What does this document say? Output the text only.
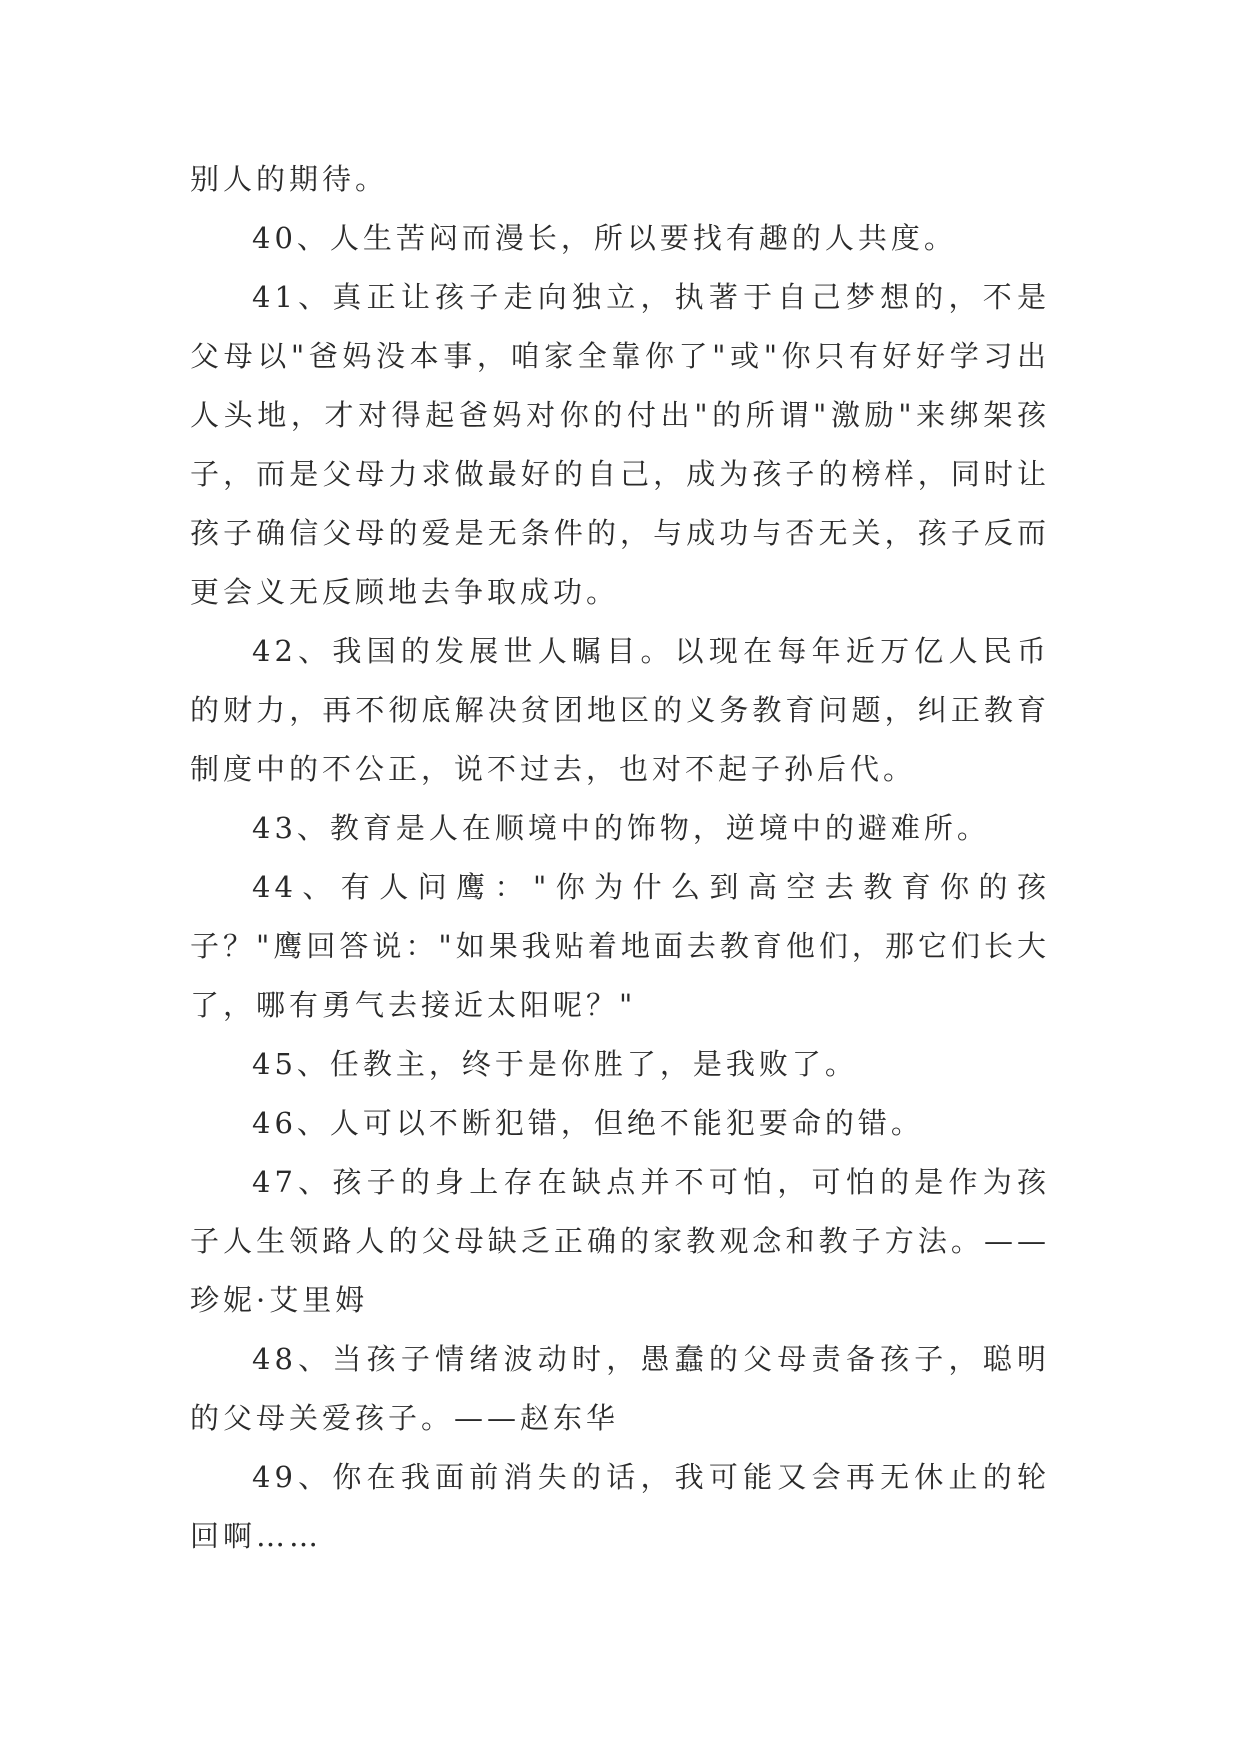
别人的期待。

40、人生苦闷而漫长，所以要找有趣的人共度。

41、真正让孩子走向独立，执著于自己梦想的，不是父母以"爸妈没本事，咱家全靠你了"或"你只有好好学习出人头地，才对得起爸妈对你的付出"的所谓"激励"来绑架孩子，而是父母力求做最好的自己，成为孩子的榜样，同时让孩子确信父母的爱是无条件的，与成功与否无关，孩子反而更会义无反顾地去争取成功。

42、我国的发展世人瞩目。以现在每年近万亿人民币的财力，再不彻底解决贫团地区的义务教育问题，纠正教育制度中的不公正，说不过去，也对不起子孙后代。

43、教育是人在顺境中的饰物，逆境中的避难所。

44、有人问鹰："你为什么到高空去教育你的孩子？"鹰回答说："如果我贴着地面去教育他们，那它们长大了，哪有勇气去接近太阳呢？"

45、任教主，终于是你胜了，是我败了。

46、人可以不断犯错，但绝不能犯要命的错。

47、孩子的身上存在缺点并不可怕，可怕的是作为孩子人生领路人的父母缺乏正确的家教观念和教子方法。——珍妮·艾里姆

48、当孩子情绪波动时，愚蠢的父母责备孩子，聪明的父母关爱孩子。——赵东华

49、你在我面前消失的话，我可能又会再无休止的轮回啊……
